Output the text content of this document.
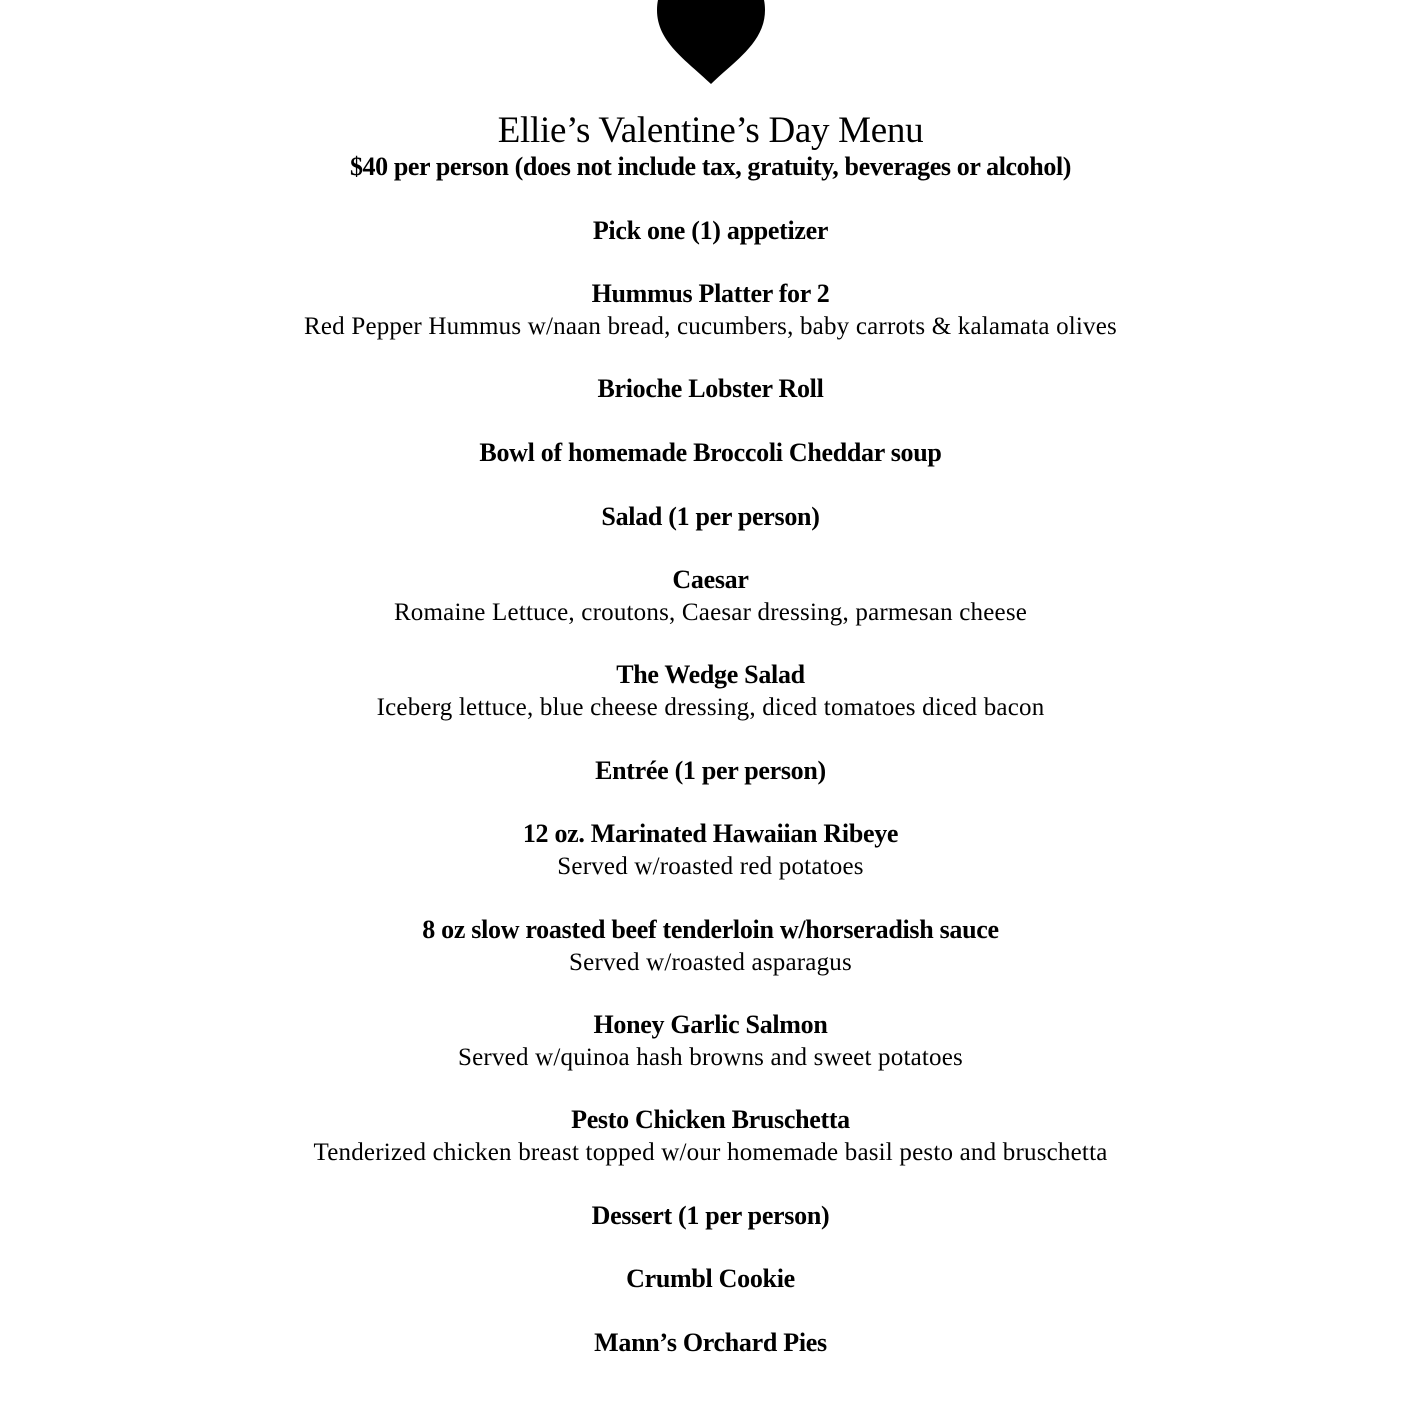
Ellie’s Valentine’s Day Menu
$40 per person (does not include tax, gratuity, beverages or alcohol)
Pick one (1) appetizer
Hummus Platter for 2
Red Pepper Hummus w/naan bread, cucumbers, baby carrots & kalamata olives
Brioche Lobster Roll
Bowl of homemade Broccoli Cheddar soup
Salad (1 per person)
Caesar
Romaine Lettuce, croutons, Caesar dressing, parmesan cheese
The Wedge Salad
Iceberg lettuce, blue cheese dressing, diced tomatoes diced bacon
Entrée (1 per person)
12 oz. Marinated Hawaiian Ribeye
Served w/roasted red potatoes
8 oz slow roasted beef tenderloin w/horseradish sauce
Served w/roasted asparagus
Honey Garlic Salmon
Served w/quinoa hash browns and sweet potatoes
Pesto Chicken Bruschetta
Tenderized chicken breast topped w/our homemade basil pesto and bruschetta
Dessert (1 per person)
Crumbl Cookie
Mann’s Orchard Pies
